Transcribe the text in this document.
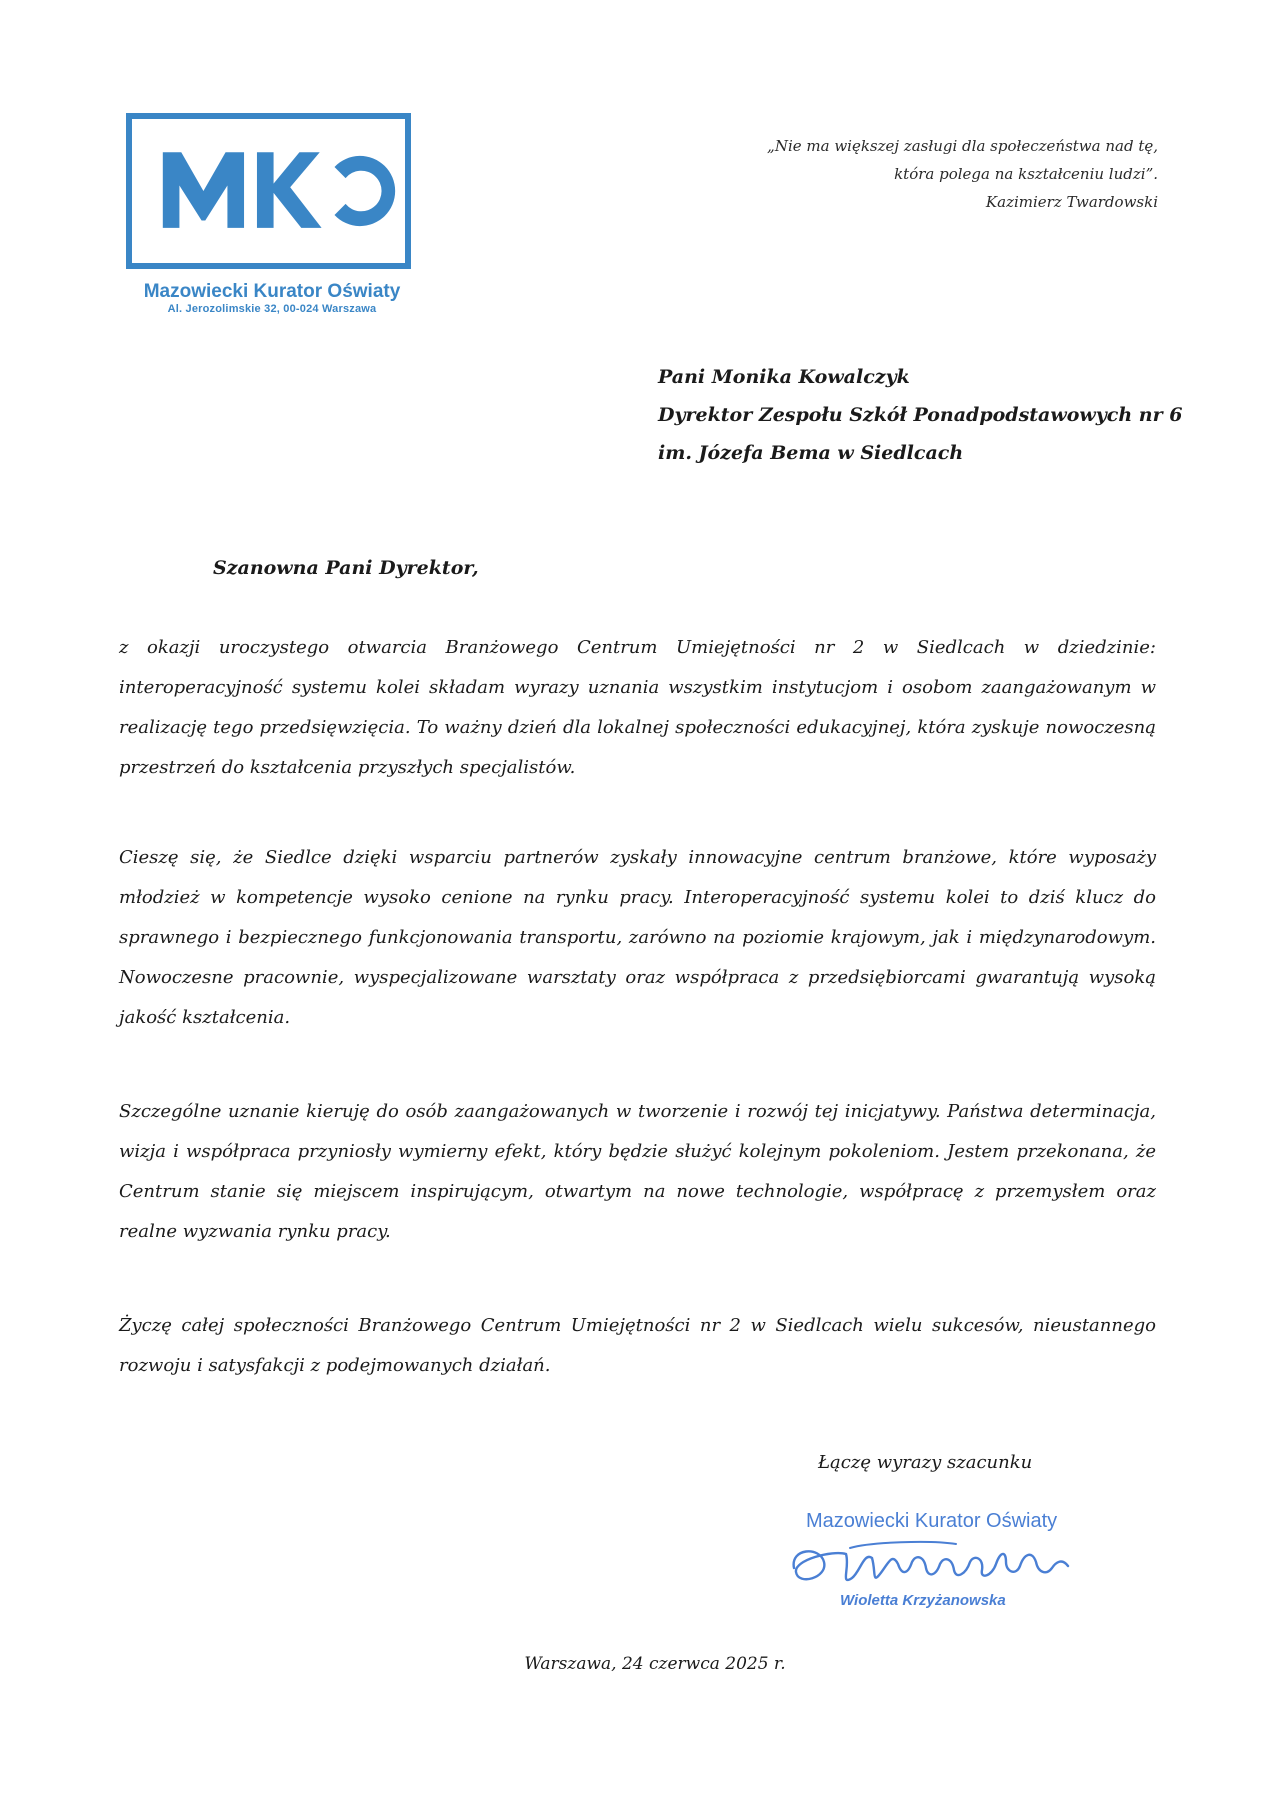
Mazowiecki Kurator Oświaty
Al. Jerozolimskie 32, 00-024 Warszawa
„Nie ma większej zasługi dla społeczeństwa nad tę,
która polega na kształceniu ludzi”.
Kazimierz Twardowski
Pani Monika Kowalczyk
Dyrektor Zespołu Szkół Ponadpodstawowych nr 6
im. Józefa Bema w Siedlcach
Szanowna Pani Dyrektor,
z okazji uroczystego otwarcia Branżowego Centrum Umiejętności nr 2 w Siedlcach w dziedzinie: interoperacyjność systemu kolei składam wyrazy uznania wszystkim instytucjom i osobom zaangażowanym w realizację tego przedsięwzięcia. To ważny dzień dla lokalnej społeczności edukacyjnej, która zyskuje nowoczesną przestrzeń do kształcenia przyszłych specjalistów.
Cieszę się, że Siedlce dzięki wsparciu partnerów zyskały innowacyjne centrum branżowe, które wyposaży młodzież w kompetencje wysoko cenione na rynku pracy. Interoperacyjność systemu kolei to dziś klucz do sprawnego i bezpiecznego funkcjonowania transportu, zarówno na poziomie krajowym, jak i międzynarodowym. Nowoczesne pracownie, wyspecjalizowane warsztaty oraz współpraca z przedsiębiorcami gwarantują wysoką jakość kształcenia.
Szczególne uznanie kieruję do osób zaangażowanych w tworzenie i rozwój tej inicjatywy. Państwa determinacja, wizja i współpraca przyniosły wymierny efekt, który będzie służyć kolejnym pokoleniom. Jestem przekonana, że Centrum stanie się miejscem inspirującym, otwartym na nowe technologie, współpracę z przemysłem oraz realne wyzwania rynku pracy.
Życzę całej społeczności Branżowego Centrum Umiejętności nr 2 w Siedlcach wielu sukcesów, nieustannego rozwoju i satysfakcji z podejmowanych działań.
Łączę wyrazy szacunku
Mazowiecki Kurator Oświaty
Wioletta Krzyżanowska
Warszawa, 24 czerwca 2025 r.
